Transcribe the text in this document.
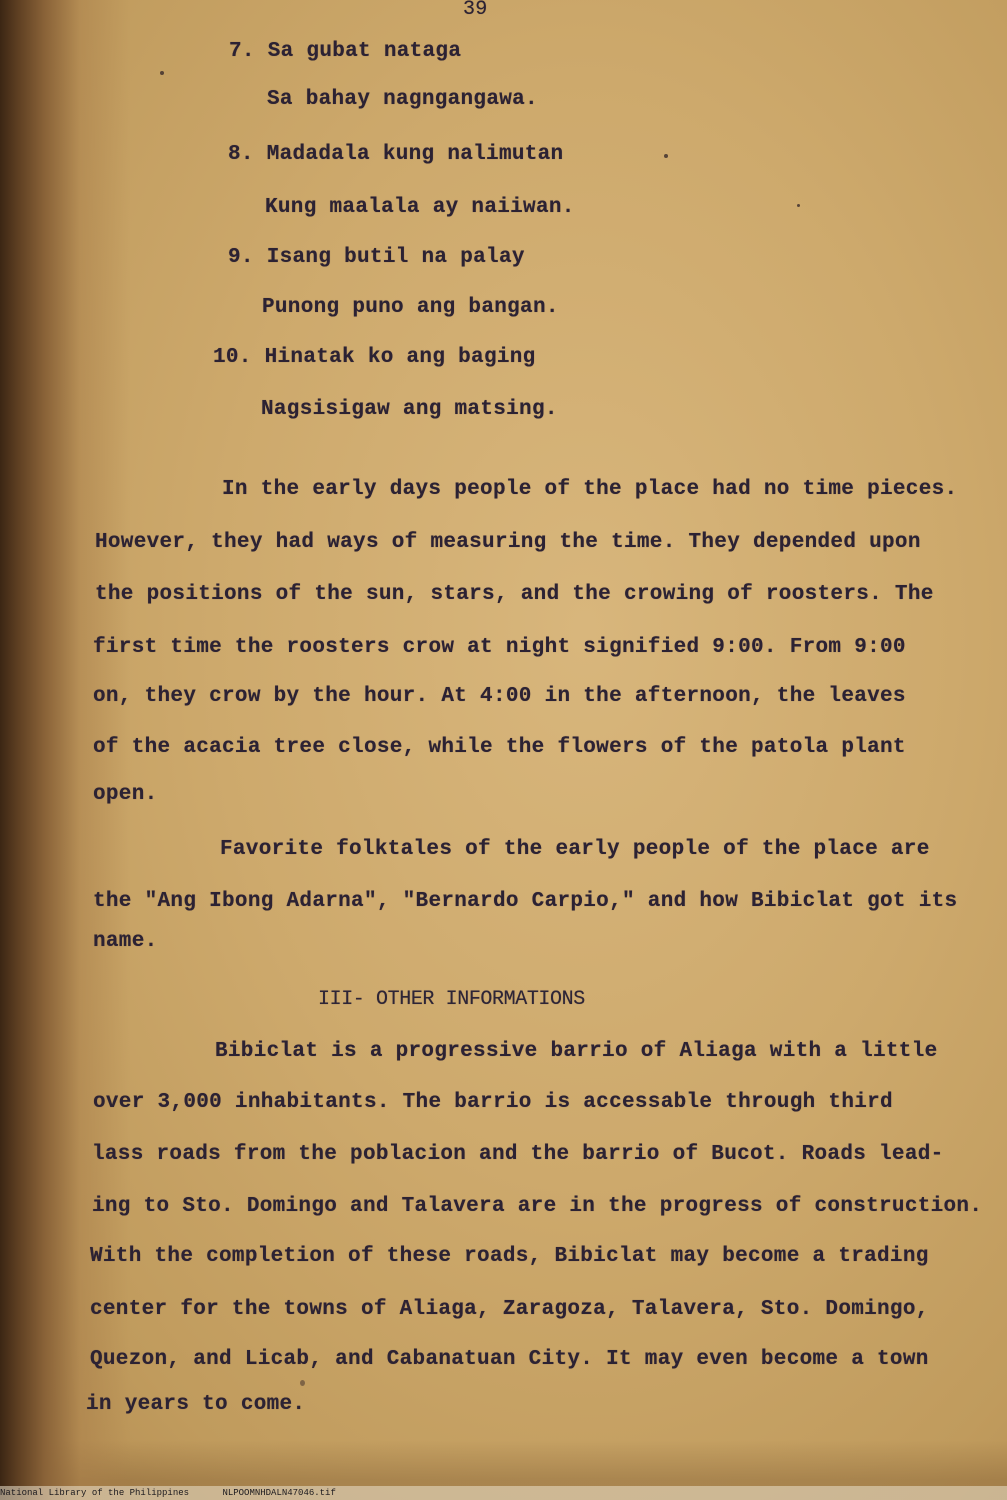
39
7. Sa gubat nataga
Sa bahay nagngangawa.
8. Madadala kung nalimutan
Kung maalala ay naiiwan.
9. Isang butil na palay
Punong puno ang bangan.
10. Hinatak ko ang baging
Nagsisigaw ang matsing.
In the early days people of the place had no time pieces.
However, they had ways of measuring the time. They depended upon
the positions of the sun, stars, and the crowing of roosters. The
first time the roosters crow at night signified 9:00. From 9:00
on, they crow by the hour. At 4:00 in the afternoon, the leaves
of the acacia tree close, while the flowers of the patola plant
open.
Favorite folktales of the early people of the place are
the "Ang Ibong Adarna", "Bernardo Carpio," and how Bibiclat got its
name.
III- OTHER INFORMATIONS
Bibiclat is a progressive barrio of Aliaga with a little
over 3,000 inhabitants. The barrio is accessable through third
lass roads from the poblacion and the barrio of Bucot. Roads lead-
ing to Sto. Domingo and Talavera are in the progress of construction.
With the completion of these roads, Bibiclat may become a trading
center for the towns of Aliaga, Zaragoza, Talavera, Sto. Domingo,
Quezon, and Licab, and Cabanatuan City. It may even become a town
in years to come.
National Library of the Philippines	NLPOOMNHDALN47046.tif
